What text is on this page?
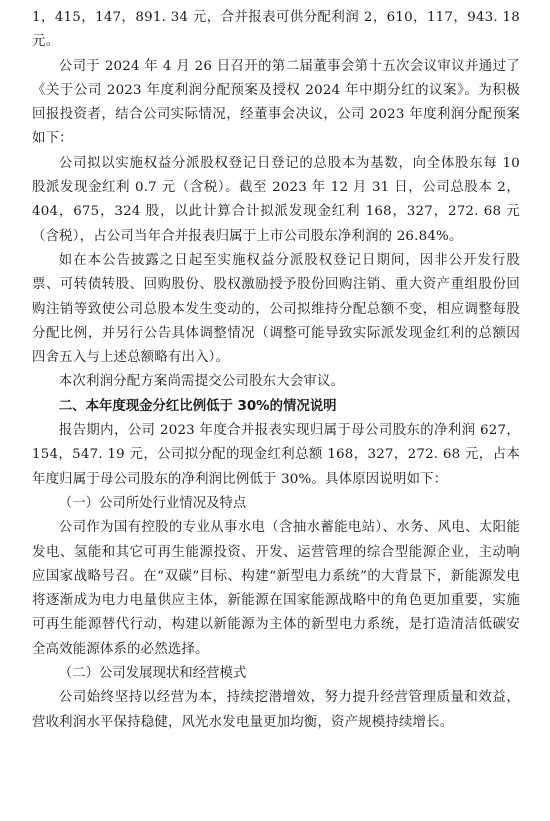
1，415，147，891. 34 元，合并报表可供分配利润 2，610，117，943. 18 元。

公司于 2024 年 4 月 26 日召开的第二届董事会第十五次会议审议并通过了《关于公司 2023 年度利润分配预案及授权 2024 年中期分红的议案》。为积极回报投资者，结合公司实际情况，经董事会决议，公司 2023 年度利润分配预案如下：

公司拟以实施权益分派股权登记日登记的总股本为基数，向全体股东每 10 股派发现金红利 0.7 元（含税）。截至 2023 年 12 月 31 日，公司总股本 2，404，675，324 股，以此计算合计拟派发现金红利 168，327，272. 68 元（含税），占公司当年合并报表归属于上市公司股东净利润的 26.84%。

如在本公告披露之日起至实施权益分派股权登记日期间，因非公开发行股票、可转债转股、回购股份、股权激励授予股份回购注销、重大资产重组股份回购注销等致使公司总股本发生变动的，公司拟维持分配总额不变，相应调整每股分配比例，并另行公告具体调整情况（调整可能导致实际派发现金红利的总额因四舍五入与上述总额略有出入）。

本次利润分配方案尚需提交公司股东大会审议。

二、本年度现金分红比例低于 30%的情况说明

报告期内，公司 2023 年度合并报表实现归属于母公司股东的净利润 627，154，547. 19 元，公司拟分配的现金红利总额 168，327，272. 68 元，占本年度归属于母公司股东的净利润比例低于 30%。具体原因说明如下：

（一）公司所处行业情况及特点

公司作为国有控股的专业从事水电（含抽水蓄能电站）、水务、风电、太阳能发电、氢能和其它可再生能源投资、开发、运营管理的综合型能源企业，主动响应国家战略号召。在“双碳”目标、构建“新型电力系统”的大背景下，新能源发电将逐渐成为电力电量供应主体，新能源在国家能源战略中的角色更加重要，实施可再生能源替代行动，构建以新能源为主体的新型电力系统，是打造清洁低碳安全高效能源体系的必然选择。

（二）公司发展现状和经营模式

公司始终坚持以经营为本，持续挖潜增效，努力提升经营管理质量和效益，营收利润水平保持稳健，风光水发电量更加均衡，资产规模持续增长。
